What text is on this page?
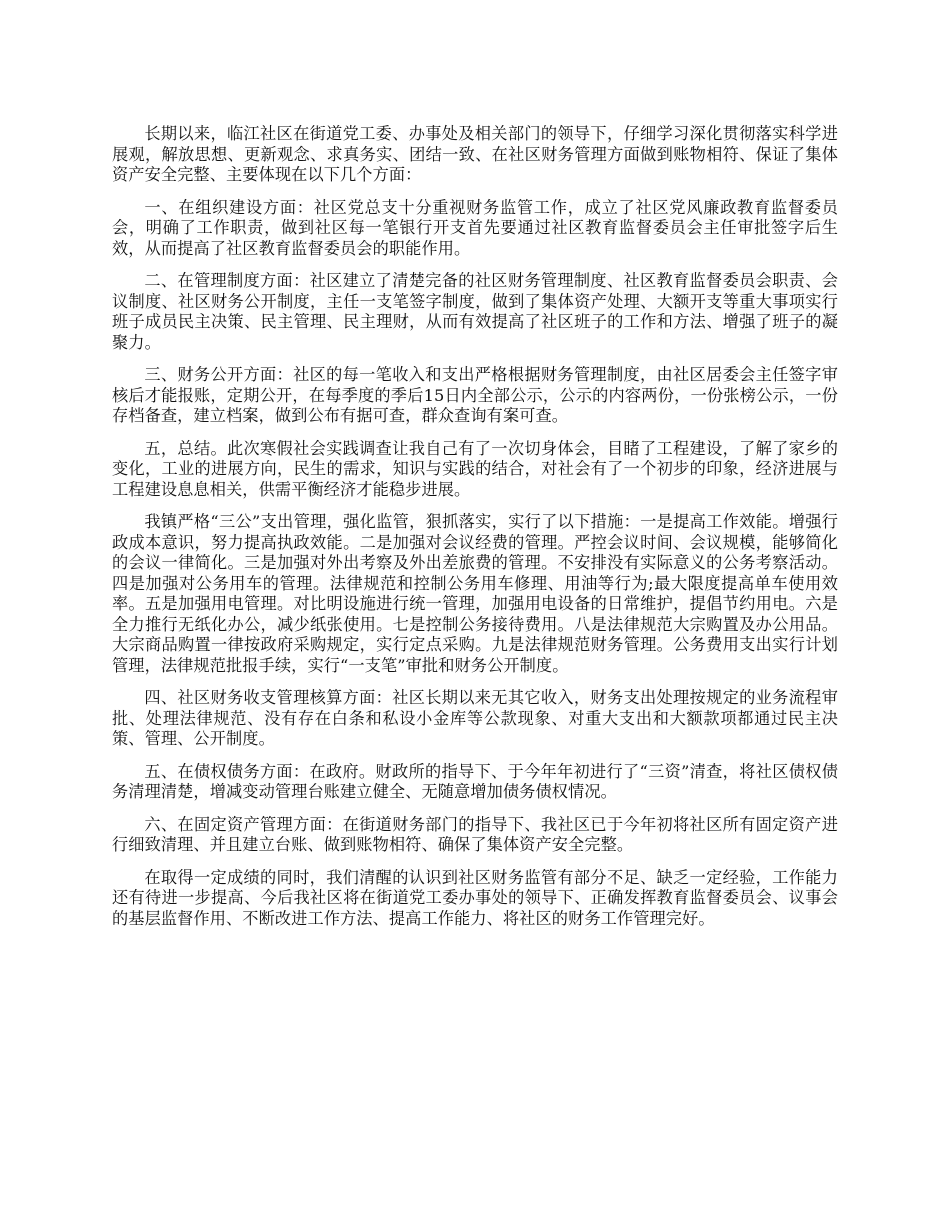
长期以来，临江社区在街道党工委、办事处及相关部门的领导下，仔细学习深化贯彻落实科学进展观，解放思想、更新观念、求真务实、团结一致、在社区财务管理方面做到账物相符、保证了集体资产安全完整、主要体现在以下几个方面：

一、在组织建设方面：社区党总支十分重视财务监管工作，成立了社区党风廉政教育监督委员会，明确了工作职责，做到社区每一笔银行开支首先要通过社区教育监督委员会主任审批签字后生效，从而提高了社区教育监督委员会的职能作用。

二、在管理制度方面：社区建立了清楚完备的社区财务管理制度、社区教育监督委员会职责、会议制度、社区财务公开制度，主任一支笔签字制度，做到了集体资产处理、大额开支等重大事项实行班子成员民主决策、民主管理、民主理财，从而有效提高了社区班子的工作和方法、增强了班子的凝聚力。

三、财务公开方面：社区的每一笔收入和支出严格根据财务管理制度，由社区居委会主任签字审核后才能报账，定期公开，在每季度的季后15日内全部公示，公示的内容两份，一份张榜公示，一份存档备查，建立档案，做到公布有据可查，群众查询有案可查。

五，总结。此次寒假社会实践调查让我自己有了一次切身体会，目睹了工程建设，了解了家乡的变化，工业的进展方向，民生的需求，知识与实践的结合，对社会有了一个初步的印象，经济进展与工程建设息息相关，供需平衡经济才能稳步进展。

我镇严格“三公”支出管理，强化监管，狠抓落实，实行了以下措施：一是提高工作效能。增强行政成本意识，努力提高执政效能。二是加强对会议经费的管理。严控会议时间、会议规模，能够简化的会议一律简化。三是加强对外出考察及外出差旅费的管理。不安排没有实际意义的公务考察活动。四是加强对公务用车的管理。法律规范和控制公务用车修理、用油等行为;最大限度提高单车使用效率。五是加强用电管理。对比明设施进行统一管理，加强用电设备的日常维护，提倡节约用电。六是全力推行无纸化办公，减少纸张使用。七是控制公务接待费用。八是法律规范大宗购置及办公用品。大宗商品购置一律按政府采购规定，实行定点采购。九是法律规范财务管理。公务费用支出实行计划管理，法律规范批报手续，实行“一支笔”审批和财务公开制度。

四、社区财务收支管理核算方面：社区长期以来无其它收入，财务支出处理按规定的业务流程审批、处理法律规范、没有存在白条和私设小金库等公款现象、对重大支出和大额款项都通过民主决策、管理、公开制度。

五、在债权债务方面：在政府。财政所的指导下、于今年年初进行了“三资”清查，将社区债权债务清理清楚，增减变动管理台账建立健全、无随意增加债务债权情况。

六、在固定资产管理方面：在街道财务部门的指导下、我社区已于今年初将社区所有固定资产进行细致清理、并且建立台账、做到账物相符、确保了集体资产安全完整。

在取得一定成绩的同时，我们清醒的认识到社区财务监管有部分不足、缺乏一定经验，工作能力还有待进一步提高、今后我社区将在街道党工委办事处的领导下、正确发挥教育监督委员会、议事会的基层监督作用、不断改进工作方法、提高工作能力、将社区的财务工作管理完好。
